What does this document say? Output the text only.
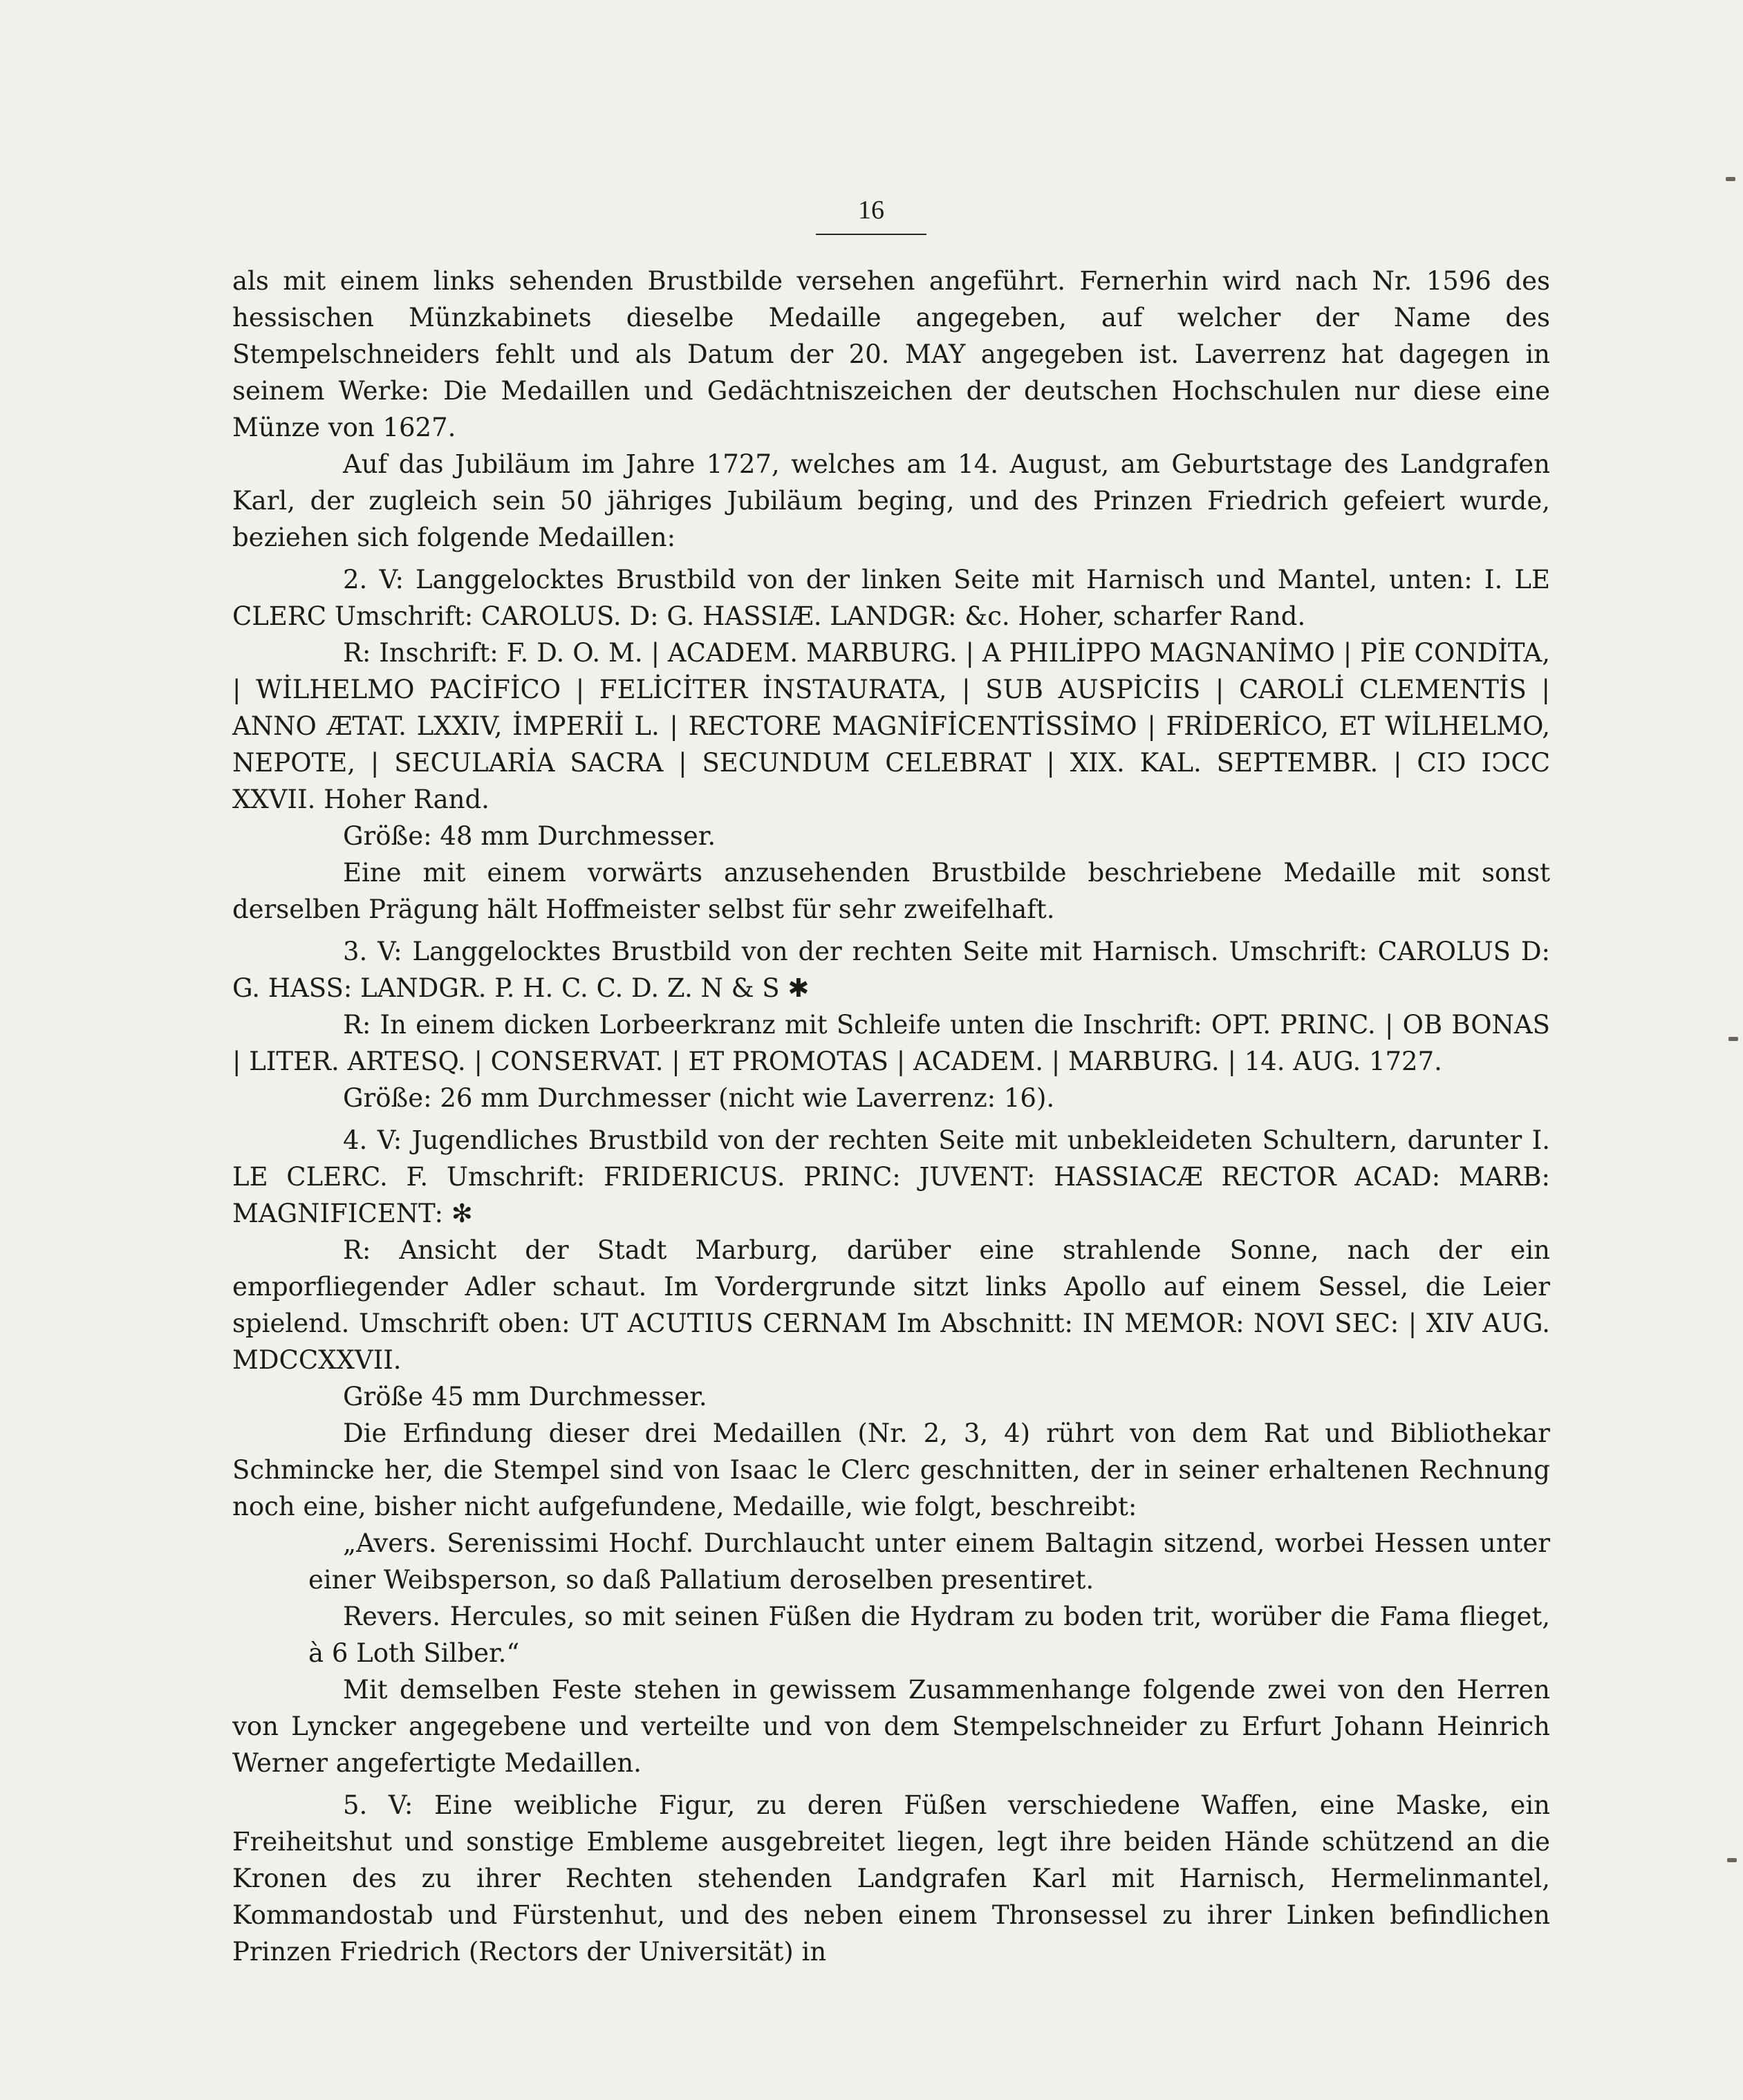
16

als mit einem links sehenden Brustbilde versehen angeführt. Fernerhin wird nach Nr. 1596 des hessischen Münzkabinets dieselbe Medaille angegeben, auf welcher der Name des Stempelschneiders fehlt und als Datum der 20. MAY angegeben ist. Laverrenz hat dagegen in seinem Werke: Die Medaillen und Gedächtniszeichen der deutschen Hochschulen nur diese eine Münze von 1627.

Auf das Jubiläum im Jahre 1727, welches am 14. August, am Geburtstage des Landgrafen Karl, der zugleich sein 50 jähriges Jubiläum beging, und des Prinzen Friedrich gefeiert wurde, beziehen sich folgende Medaillen:

2. V: Langgelocktes Brustbild von der linken Seite mit Harnisch und Mantel, unten: I. LE CLERC Umschrift: CAROLUS. D: G. HASSIÆ. LANDGR: &c. Hoher, scharfer Rand.

R: Inschrift: F. D. O. M. | ACADEM. MARBURG. | A PHILİPPO MAGNANİMO | PİE CONDİTA, | WİLHELMO PACİFİCO | FELİCİTER İNSTAURATA, | SUB AUSPİCİIS | CAROLİ CLEMENTİS | ANNO ÆTAT. LXXIV, İMPERİİ L. | RECTORE MAGNİFİCENTİSSİMO | FRİDERİCO, ET WİLHELMO, NEPOTE, | SECULARİA SACRA | SECUNDUM CELEBRAT | XIX. KAL. SEPTEMBR. | CIↃ IↃCC XXVII. Hoher Rand.

Größe: 48 mm Durchmesser.

Eine mit einem vorwärts anzusehenden Brustbilde beschriebene Medaille mit sonst derselben Prägung hält Hoffmeister selbst für sehr zweifelhaft.

3. V: Langgelocktes Brustbild von der rechten Seite mit Harnisch. Umschrift: CAROLUS D: G. HASS: LANDGR. P. H. C. C. D. Z. N & S ✱

R: In einem dicken Lorbeerkranz mit Schleife unten die Inschrift: OPT. PRINC. | OB BONAS | LITER. ARTESQ. | CONSERVAT. | ET PROMOTAS | ACADEM. | MARBURG. | 14. AUG. 1727.

Größe: 26 mm Durchmesser (nicht wie Laverrenz: 16).

4. V: Jugendliches Brustbild von der rechten Seite mit unbekleideten Schultern, darunter I. LE CLERC. F. Umschrift: FRIDERICUS. PRINC: JUVENT: HASSIACÆ RECTOR ACAD: MARB: MAGNIFICENT: ✻

R: Ansicht der Stadt Marburg, darüber eine strahlende Sonne, nach der ein emporfliegender Adler schaut. Im Vordergrunde sitzt links Apollo auf einem Sessel, die Leier spielend. Umschrift oben: UT ACUTIUS CERNAM Im Abschnitt: IN MEMOR: NOVI SEC: | XIV AUG. MDCCXXVII.

Größe 45 mm Durchmesser.

Die Erfindung dieser drei Medaillen (Nr. 2, 3, 4) rührt von dem Rat und Bibliothekar Schmincke her, die Stempel sind von Isaac le Clerc geschnitten, der in seiner erhaltenen Rechnung noch eine, bisher nicht aufgefundene, Medaille, wie folgt, beschreibt:

„Avers. Serenissimi Hochf. Durchlaucht unter einem Baltagin sitzend, worbei Hessen unter einer Weibsperson, so daß Pallatium deroselben presentiret.

Revers. Hercules, so mit seinen Füßen die Hydram zu boden trit, worüber die Fama flieget, à 6 Loth Silber.“

Mit demselben Feste stehen in gewissem Zusammenhange folgende zwei von den Herren von Lyncker angegebene und verteilte und von dem Stempelschneider zu Erfurt Johann Heinrich Werner angefertigte Medaillen.

5. V: Eine weibliche Figur, zu deren Füßen verschiedene Waffen, eine Maske, ein Freiheitshut und sonstige Embleme ausgebreitet liegen, legt ihre beiden Hände schützend an die Kronen des zu ihrer Rechten stehenden Landgrafen Karl mit Harnisch, Hermelinmantel, Kommandostab und Fürstenhut, und des neben einem Thronsessel zu ihrer Linken befindlichen Prinzen Friedrich (Rectors der Universität) in
